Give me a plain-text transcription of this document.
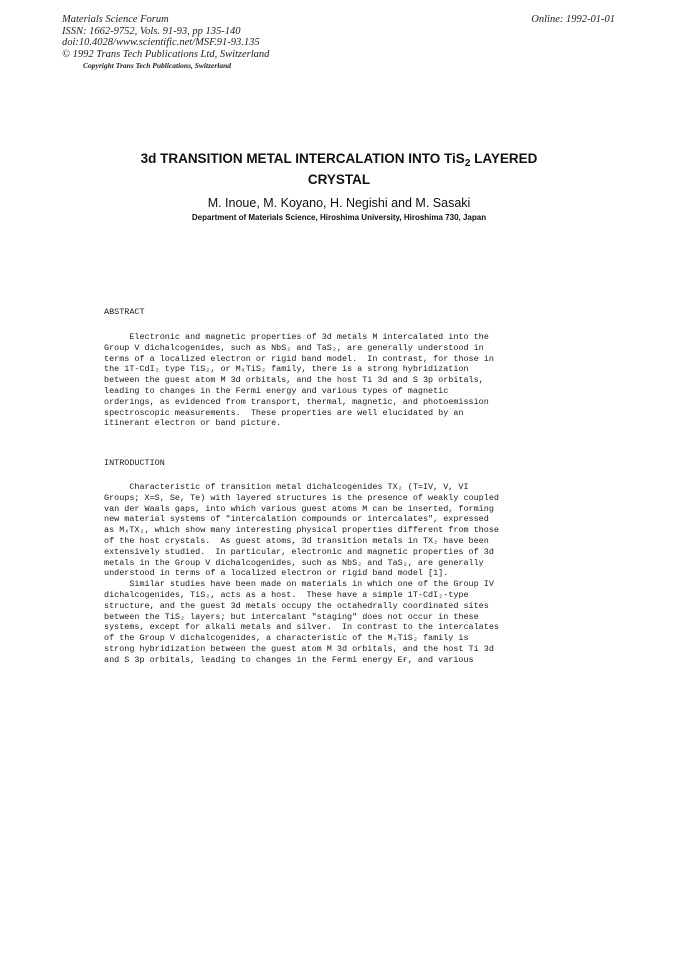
Materials Science Forum
ISSN: 1662-9752, Vols. 91-93, pp 135-140
doi:10.4028/www.scientific.net/MSF.91-93.135
© 1992 Trans Tech Publications Ltd, Switzerland
Copyright Trans Tech Publications, Switzerland
Online: 1992-01-01
3d TRANSITION METAL INTERCALATION INTO TiS$_2$ LAYERED
CRYSTAL
M. Inoue, M. Koyano, H. Negishi and M. Sasaki
Department of Materials Science, Hiroshima University, Hiroshima 730, Japan
ABSTRACT
Electronic and magnetic properties of 3d metals M intercalated into the
Group V dichalcogenides, such as NbS₂ and TaS₂, are generally understood in
terms of a localized electron or rigid band model.  In contrast, for those in
the 1T-CdI₂ type TiS₂, or MₓTiS₂ family, there is a strong hybridization
between the guest atom M 3d orbitals, and the host Ti 3d and S 3p orbitals,
leading to changes in the Fermi energy and various types of magnetic
orderings, as evidenced from transport, thermal, magnetic, and photoemission
spectroscopic measurements.  These properties are well elucidated by an
itinerant electron or band picture.
INTRODUCTION
Characteristic of transition metal dichalcogenides TX₂ (T=IV, V, VI
Groups; X=S, Se, Te) with layered structures is the presence of weakly coupled
van der Waals gaps, into which various guest atoms M can be inserted, forming
new material systems of "intercalation compounds or intercalates", expressed
as MₓTX₂, which show many interesting physical properties different from those
of the host crystals.  As guest atoms, 3d transition metals in TX₂ have been
extensively studied.  In particular, electronic and magnetic properties of 3d
metals in the Group V dichalcogenides, such as NbS₂ and TaS₂, are generally
understood in terms of a localized electron or rigid band model [1].
Similar studies have been made on materials in which one of the Group IV
dichalcogenides, TiS₂, acts as a host.  These have a simple 1T-CdI₂-type
structure, and the guest 3d metals occupy the octahedrally coordinated sites
between the TiS₂ layers; but intercalant "staging" does not occur in these
systems, except for alkali metals and silver.  In contrast to the intercalates
of the Group V dichalcogenides, a characteristic of the MₓTiS₂ family is
strong hybridization between the guest atom M 3d orbitals, and the host Ti 3d
and S 3p orbitals, leading to changes in the Fermi energy Eғ, and various
